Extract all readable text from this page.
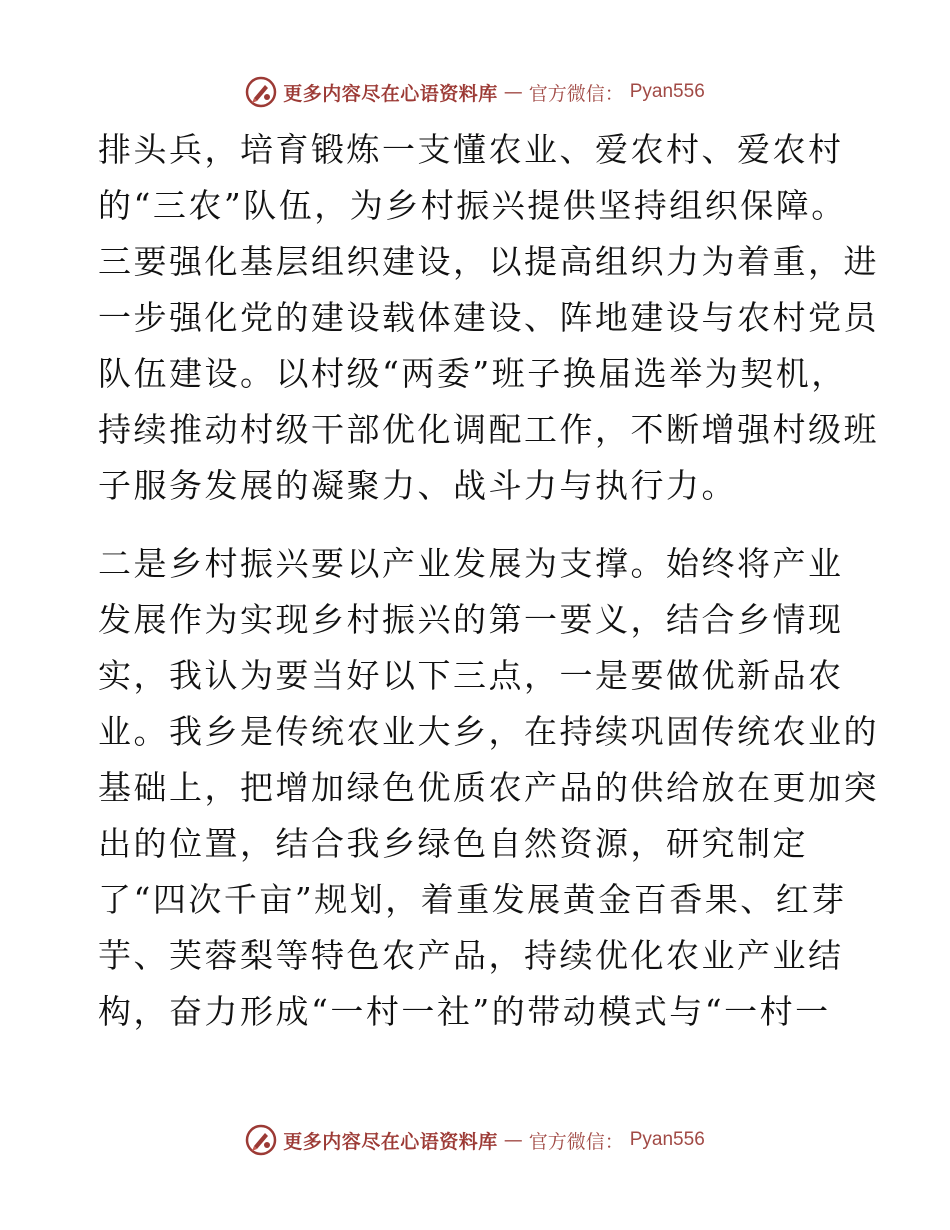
更多内容尽在心语资料库 — 官方微信： Pyan556
排头兵，培育锻炼一支懂农业、爱农村、爱农村
的“三农”队伍，为乡村振兴提供坚持组织保障。
三要强化基层组织建设，以提高组织力为着重，进
一步强化党的建设载体建设、阵地建设与农村党员
队伍建设。以村级“两委”班子换届选举为契机，
持续推动村级干部优化调配工作，不断增强村级班
子服务发展的凝聚力、战斗力与执行力。
二是乡村振兴要以产业发展为支撑。始终将产业
发展作为实现乡村振兴的第一要义，结合乡情现
实，我认为要当好以下三点，一是要做优新品农
业。我乡是传统农业大乡，在持续巩固传统农业的
基础上，把增加绿色优质农产品的供给放在更加突
出的位置，结合我乡绿色自然资源，研究制定
了“四次千亩”规划，着重发展黄金百香果、红芽
芋、芙蓉梨等特色农产品，持续优化农业产业结
构，奋力形成“一村一社”的带动模式与“一村一
更多内容尽在心语资料库 — 官方微信： Pyan556
